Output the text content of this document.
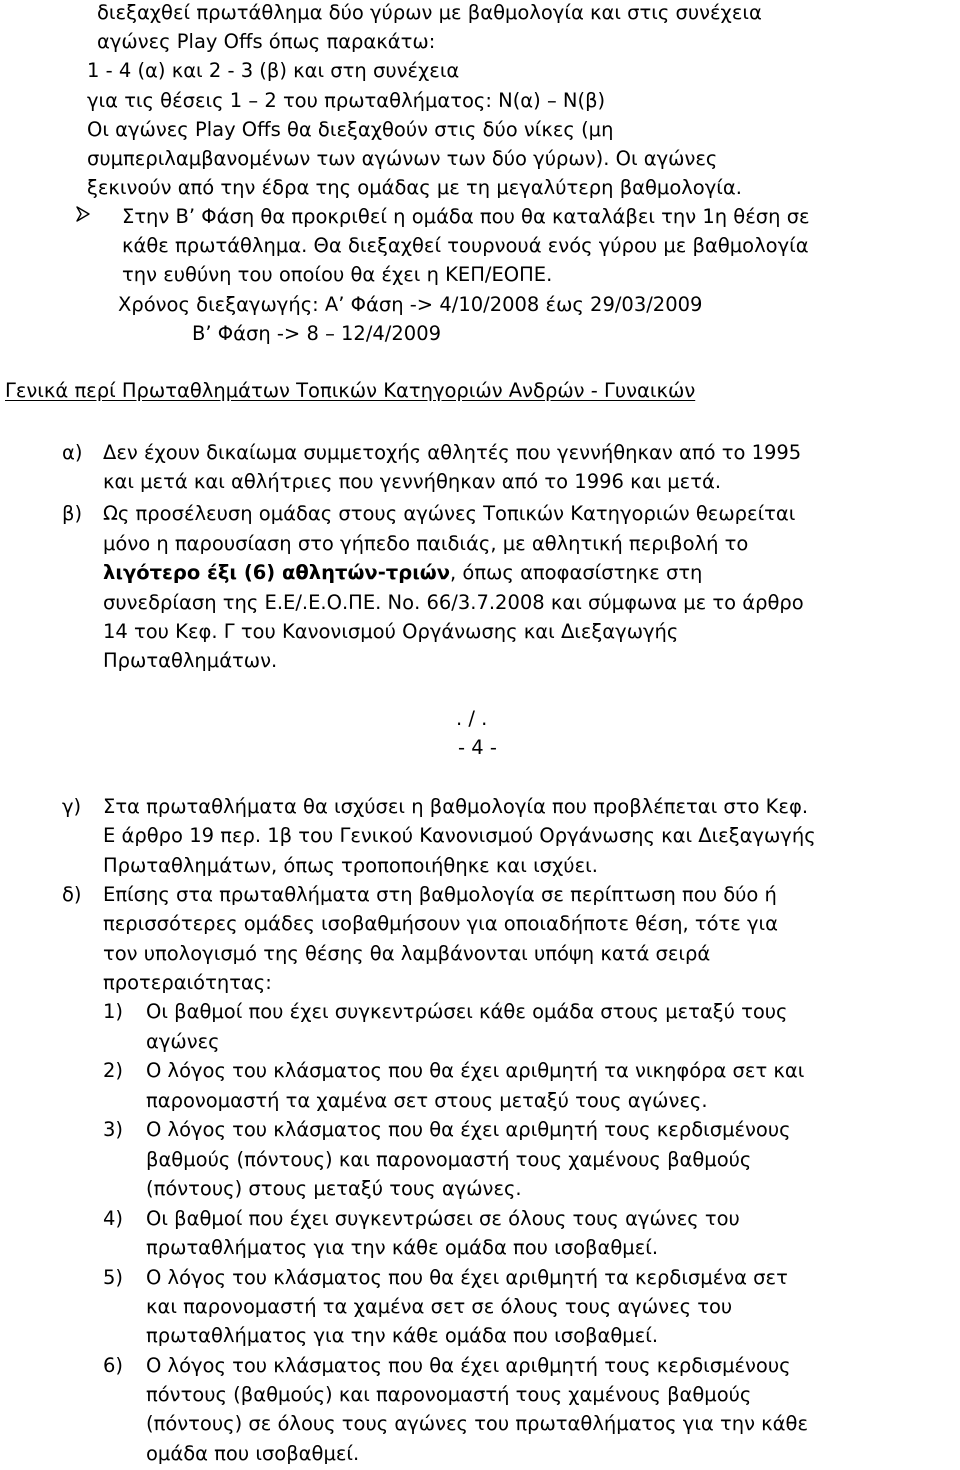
διεξαχθεί πρωτάθλημα δύο γύρων με βαθμολογία και στις συνέχεια
αγώνες Play Offs όπως παρακάτω:
1 - 4 (α) και 2 - 3 (β) και στη συνέχεια
για τις θέσεις 1 – 2 του πρωταθλήματος: Ν(α) – Ν(β)
Οι αγώνες Play Offs θα διεξαχθούν στις δύο νίκες (μη
συμπεριλαμβανομένων των αγώνων των δύο γύρων). Οι αγώνες
ξεκινούν από την έδρα της ομάδας με τη μεγαλύτερη βαθμολογία.
Στην Β’ Φάση θα προκριθεί η ομάδα που θα καταλάβει την 1η θέση σε
κάθε πρωτάθλημα. Θα διεξαχθεί τουρνουά ενός γύρου με βαθμολογία
την ευθύνη του οποίου θα έχει η ΚΕΠ/ΕΟΠΕ.
Χρόνος διεξαγωγής: Α’ Φάση -> 4/10/2008 έως 29/03/2009
Β’ Φάση -> 8 – 12/4/2009
Γενικά περί Πρωταθλημάτων Τοπικών Κατηγοριών Ανδρών - Γυναικών
α) Δεν έχουν δικαίωμα συμμετοχής αθλητές που γεννήθηκαν από το 1995
και μετά και αθλήτριες που γεννήθηκαν από το 1996 και μετά.
β) Ως προσέλευση ομάδας στους αγώνες Τοπικών Κατηγοριών θεωρείται
μόνο η παρουσίαση στο γήπεδο παιδιάς, με αθλητική περιβολή το
λιγότερο έξι (6) αθλητών-τριών, όπως αποφασίστηκε στη
συνεδρίαση της Ε.Ε/.Ε.Ο.ΠΕ. Νο. 66/3.7.2008 και σύμφωνα με το άρθρο
14 του Κεφ. Γ του Κανονισμού Οργάνωσης και Διεξαγωγής
Πρωταθλημάτων.
. / .
- 4 -
γ) Στα πρωταθλήματα θα ισχύσει η βαθμολογία που προβλέπεται στο Κεφ.
Ε άρθρο 19 περ. 1β του Γενικού Κανονισμού Οργάνωσης και Διεξαγωγής
Πρωταθλημάτων, όπως τροποποιήθηκε και ισχύει.
δ) Επίσης στα πρωταθλήματα στη βαθμολογία σε περίπτωση που δύο ή
περισσότερες ομάδες ισοβαθμήσουν για οποιαδήποτε θέση, τότε για
τον υπολογισμό της θέσης θα λαμβάνονται υπόψη κατά σειρά
προτεραιότητας:
1) Οι βαθμοί που έχει συγκεντρώσει κάθε ομάδα στους μεταξύ τους
αγώνες
2) Ο λόγος του κλάσματος που θα έχει αριθμητή τα νικηφόρα σετ και
παρονομαστή τα χαμένα σετ στους μεταξύ τους αγώνες.
3) Ο λόγος του κλάσματος που θα έχει αριθμητή τους κερδισμένους
βαθμούς (πόντους) και παρονομαστή τους χαμένους βαθμούς
(πόντους) στους μεταξύ τους αγώνες.
4) Οι βαθμοί που έχει συγκεντρώσει σε όλους τους αγώνες του
πρωταθλήματος για την κάθε ομάδα που ισοβαθμεί.
5) Ο λόγος του κλάσματος που θα έχει αριθμητή τα κερδισμένα σετ
και παρονομαστή τα χαμένα σετ σε όλους τους αγώνες του
πρωταθλήματος για την κάθε ομάδα που ισοβαθμεί.
6) Ο λόγος του κλάσματος που θα έχει αριθμητή τους κερδισμένους
πόντους (βαθμούς) και παρονομαστή τους χαμένους βαθμούς
(πόντους) σε όλους τους αγώνες του πρωταθλήματος για την κάθε
ομάδα που ισοβαθμεί.
